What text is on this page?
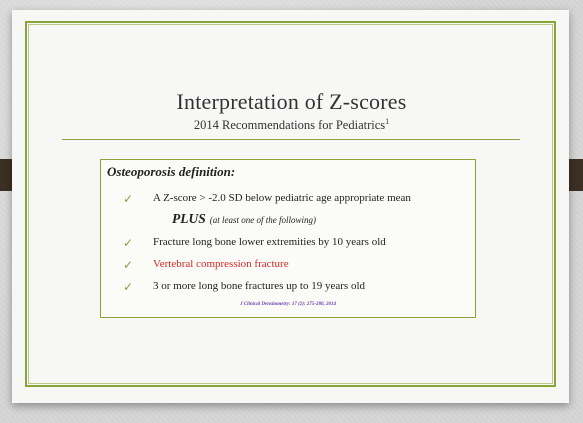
Interpretation of Z-scores
2014 Recommendations for Pediatrics$^1$
Osteoporosis definition:
✓ A Z-score > -2.0 SD below pediatric age appropriate mean
PLUS (at least one of the following)
✓ Fracture long bone lower extremities by 10 years old
✓ Vertebral compression fracture
✓ 3 or more long bone fractures up to 19 years old
J Clinical Densitometry: 17 (2): 275-280, 2014
